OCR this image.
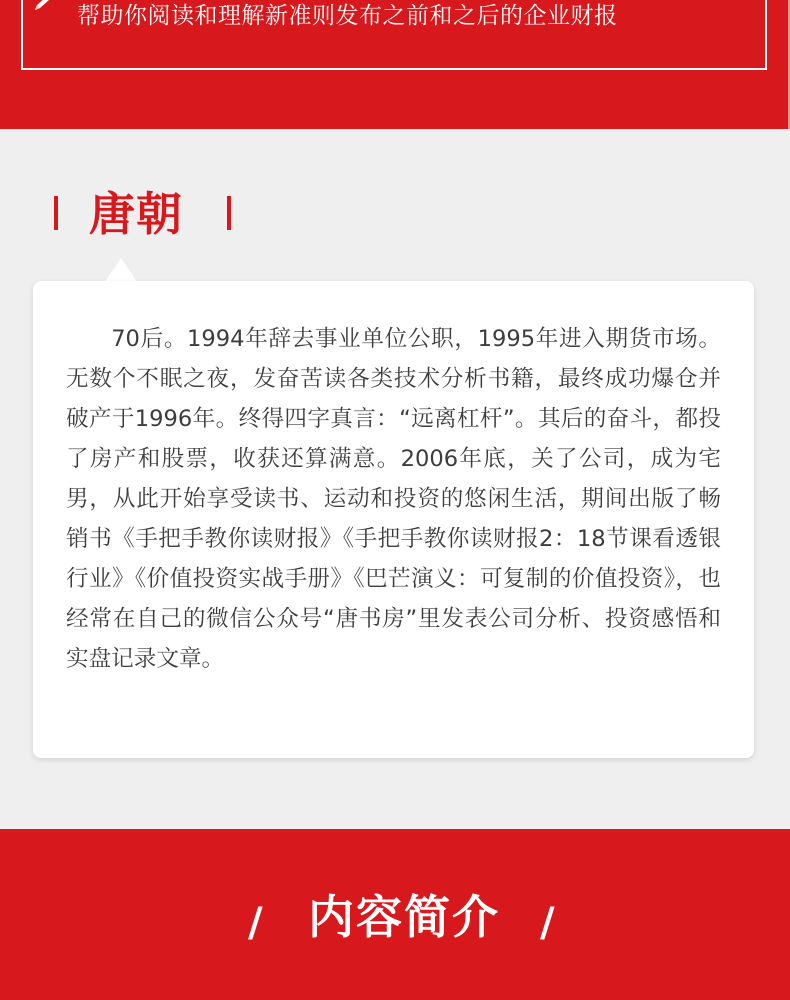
帮助你阅读和理解新准则发布之前和之后的企业财报
唐朝

70后。1994年辞去事业单位公职，1995年进入期货市场。无数个不眠之夜，发奋苦读各类技术分析书籍，最终成功爆仓并破产于1996年。终得四字真言：“远离杠杆”。其后的奋斗，都投了房产和股票，收获还算满意。2006年底，关了公司，成为宅男，从此开始享受读书、运动和投资的悠闲生活，期间出版了畅销书《手把手教你读财报》《手把手教你读财报2：18节课看透银行业》《价值投资实战手册》《巴芒演义：可复制的价值投资》，也经常在自己的微信公众号“唐书房”里发表公司分析、投资感悟和实盘记录文章。

/ 内容简介 /
